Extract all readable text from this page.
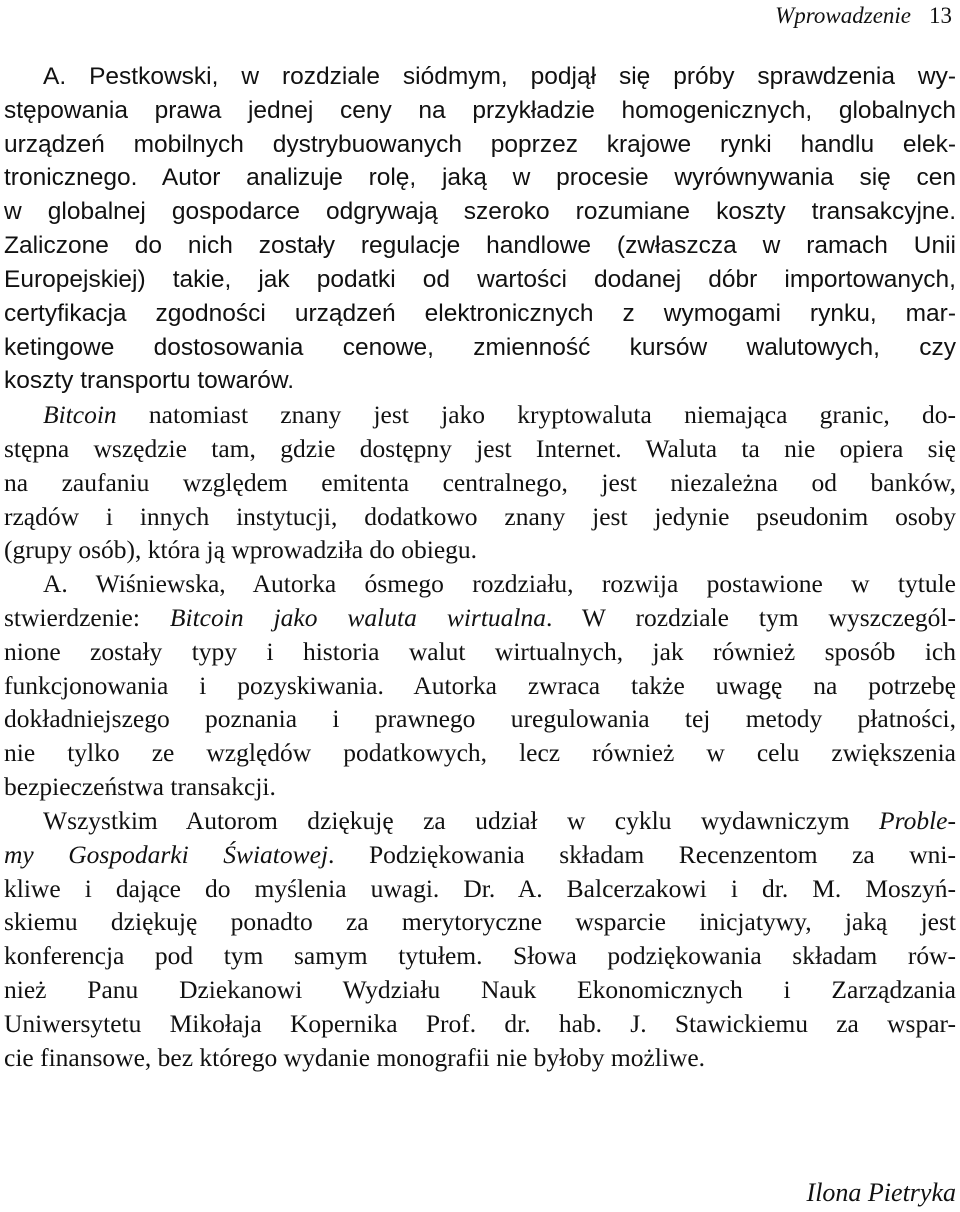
Wprowadzenie 13
A. Pestkowski, w rozdziale siódmym, podjął się próby sprawdzenia wy-
stępowania prawa jednej ceny na przykładzie homogenicznych, globalnych
urządzeń mobilnych dystrybuowanych poprzez krajowe rynki handlu elek-
tronicznego. Autor analizuje rolę, jaką w procesie wyrównywania się cen
w globalnej gospodarce odgrywają szeroko rozumiane koszty transakcyjne.
Zaliczone do nich zostały regulacje handlowe (zwłaszcza w ramach Unii
Europejskiej) takie, jak podatki od wartości dodanej dóbr importowanych,
certyfikacja zgodności urządzeń elektronicznych z wymogami rynku, mar-
ketingowe dostosowania cenowe, zmienność kursów walutowych, czy
koszty transportu towarów.
Bitcoin natomiast znany jest jako kryptowaluta niemająca granic, do-
stępna wszędzie tam, gdzie dostępny jest Internet. Waluta ta nie opiera się
na zaufaniu względem emitenta centralnego, jest niezależna od banków,
rządów i innych instytucji, dodatkowo znany jest jedynie pseudonim osoby
(grupy osób), która ją wprowadziła do obiegu.
A. Wiśniewska, Autorka ósmego rozdziału, rozwija postawione w tytule
stwierdzenie: Bitcoin jako waluta wirtualna. W rozdziale tym wyszczegól-
nione zostały typy i historia walut wirtualnych, jak również sposób ich
funkcjonowania i pozyskiwania. Autorka zwraca także uwagę na potrzebę
dokładniejszego poznania i prawnego uregulowania tej metody płatności,
nie tylko ze względów podatkowych, lecz również w celu zwiększenia
bezpieczeństwa transakcji.
Wszystkim Autorom dziękuję za udział w cyklu wydawniczym Proble-
my Gospodarki Światowej. Podziękowania składam Recenzentom za wni-
kliwe i dające do myślenia uwagi. Dr. A. Balcerzakowi i dr. M. Moszyń-
skiemu dziękuję ponadto za merytoryczne wsparcie inicjatywy, jaką jest
konferencja pod tym samym tytułem. Słowa podziękowania składam rów-
nież Panu Dziekanowi Wydziału Nauk Ekonomicznych i Zarządzania
Uniwersytetu Mikołaja Kopernika Prof. dr. hab. J. Stawickiemu za wspar-
cie finansowe, bez którego wydanie monografii nie byłoby możliwe.
Ilona Pietryka
